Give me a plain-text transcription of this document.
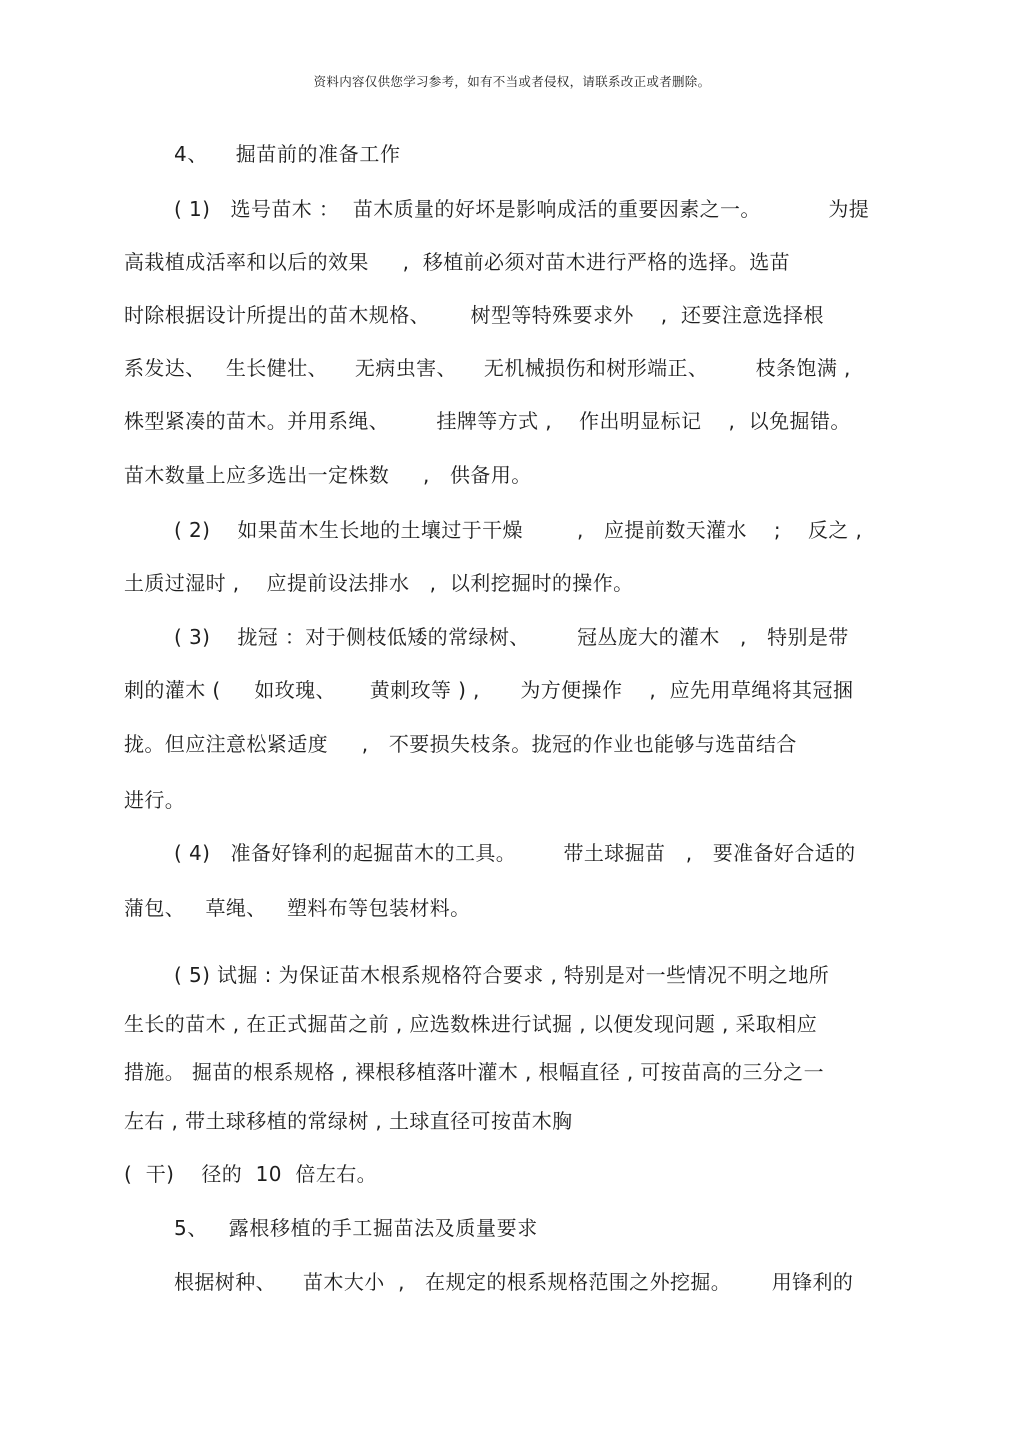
资料内容仅供您学习参考，如有不当或者侵权，请联系改正或者删除。
4、    掘苗前的准备工作
( 1)   选号苗木 ：  苗木质量的好坏是影响成活的重要因素之一。          为提
高栽植成活率和以后的效果     ,  移植前必须对苗木进行严格的选择。选苗
时除根据设计所提出的苗木规格、      树型等特殊要求外    ,  还要注意选择根
系发达、   生长健壮、    无病虫害、    无机械损伤和树形端正、       枝条饱满 ,
株型紧凑的苗木。并用系绳、       挂牌等方式 ,    作出明显标记    ,  以免掘错。
苗木数量上应多选出一定株数     ,   供备用。
( 2)    如果苗木生长地的土壤过于干燥        ,   应提前数天灌水    ;    反之 ,
土质过湿时 ,    应提前设法排水   ,  以利挖掘时的操作。
( 3)    拢冠 ：对于侧枝低矮的常绿树、       冠丛庞大的灌木   ,   特别是带
刺的灌木 (     如玫瑰、     黄刺玫等 ) ,      为方便操作    ,  应先用草绳将其冠捆
拢。但应注意松紧适度     ,   不要损失枝条。拢冠的作业也能够与选苗结合
进行。
( 4)   准备好锋利的起掘苗木的工具。       带土球掘苗   ,   要准备好合适的
蒲包、   草绳、   塑料布等包装材料。
( 5) 试掘 : 为保证苗木根系规格符合要求 , 特别是对一些情况不明之地所
生长的苗木 , 在正式掘苗之前 , 应选数株进行试掘 , 以便发现问题 , 采取相应
措施。 掘苗的根系规格 , 裸根移植落叶灌木 , 根幅直径 , 可按苗高的三分之一
左右 , 带土球移植的常绿树 , 土球直径可按苗木胸
(  干)    径的  10  倍左右。
5、   露根移植的手工掘苗法及质量要求
根据树种、    苗木大小  ,   在规定的根系规格范围之外挖掘。      用锋利的
